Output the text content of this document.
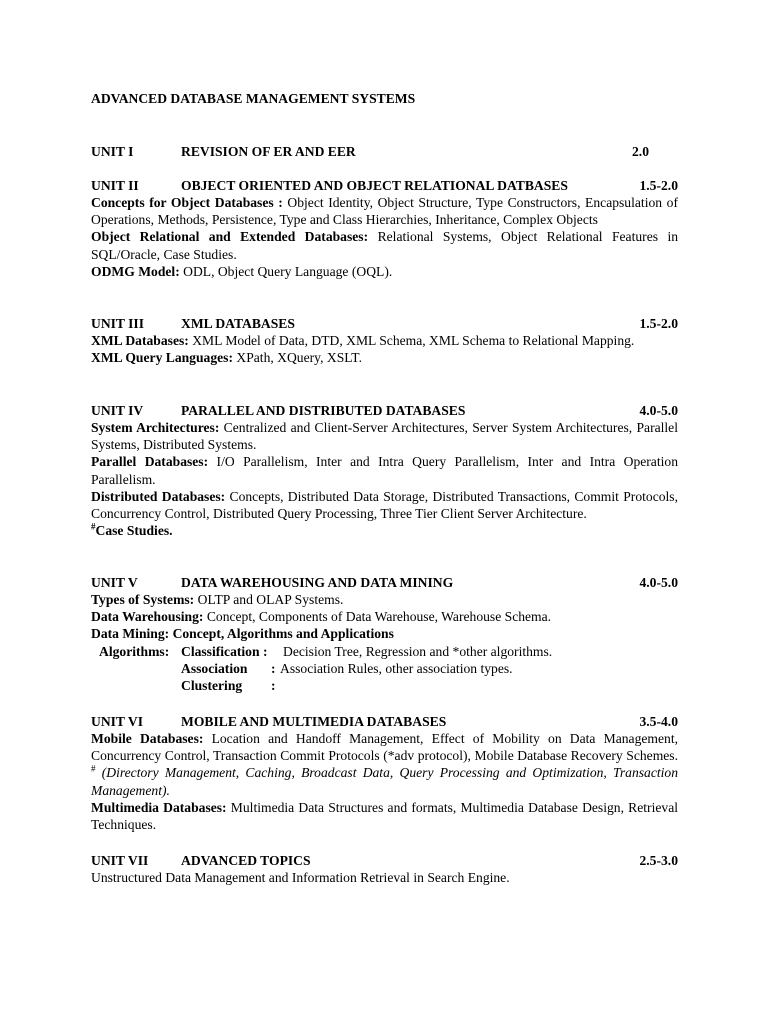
ADVANCED DATABASE MANAGEMENT SYSTEMS
UNIT I	REVISION OF ER AND EER	2.0
UNIT II	OBJECT ORIENTED AND OBJECT RELATIONAL DATBASES	1.5-2.0

Concepts for Object Databases : Object Identity, Object Structure, Type Constructors, Encapsulation of Operations, Methods, Persistence, Type and Class Hierarchies, Inheritance, Complex Objects

Object Relational and Extended Databases: Relational Systems, Object Relational Features in SQL/Oracle, Case Studies.

ODMG Model: ODL, Object Query Language (OQL).

UNIT III	XML DATABASES	1.5-2.0

XML Databases: XML Model of Data, DTD, XML Schema, XML Schema to Relational Mapping.

XML Query Languages: XPath, XQuery, XSLT.

UNIT IV	PARALLEL AND DISTRIBUTED DATABASES	4.0-5.0

System Architectures: Centralized and Client-Server Architectures, Server System Architectures, Parallel Systems, Distributed Systems.

Parallel Databases: I/O Parallelism, Inter and Intra Query Parallelism, Inter and Intra Operation Parallelism.

Distributed Databases: Concepts, Distributed Data Storage, Distributed Transactions, Commit Protocols, Concurrency Control, Distributed Query Processing, Three Tier Client Server Architecture.

#Case Studies.

UNIT V	DATA WAREHOUSING AND DATA MINING	4.0-5.0

Types of Systems: OLTP and OLAP Systems.

Data Warehousing: Concept, Components of Data Warehouse, Warehouse Schema.

Data Mining: Concept, Algorithms and Applications

Algorithms: Classification : Decision Tree, Regression and *other algorithms.
Association : Association Rules, other association types.
Clustering :
UNIT VI	MOBILE AND MULTIMEDIA DATABASES	3.5-4.0

Mobile Databases: Location and Handoff Management, Effect of Mobility on Data Management, Concurrency Control, Transaction Commit Protocols (*adv protocol), Mobile Database Recovery Schemes. # (Directory Management, Caching, Broadcast Data, Query Processing and Optimization, Transaction Management).

Multimedia Databases: Multimedia Data Structures and formats, Multimedia Database Design, Retrieval Techniques.

UNIT VII ADVANCED TOPICS	2.5-3.0

Unstructured Data Management and Information Retrieval in Search Engine.
